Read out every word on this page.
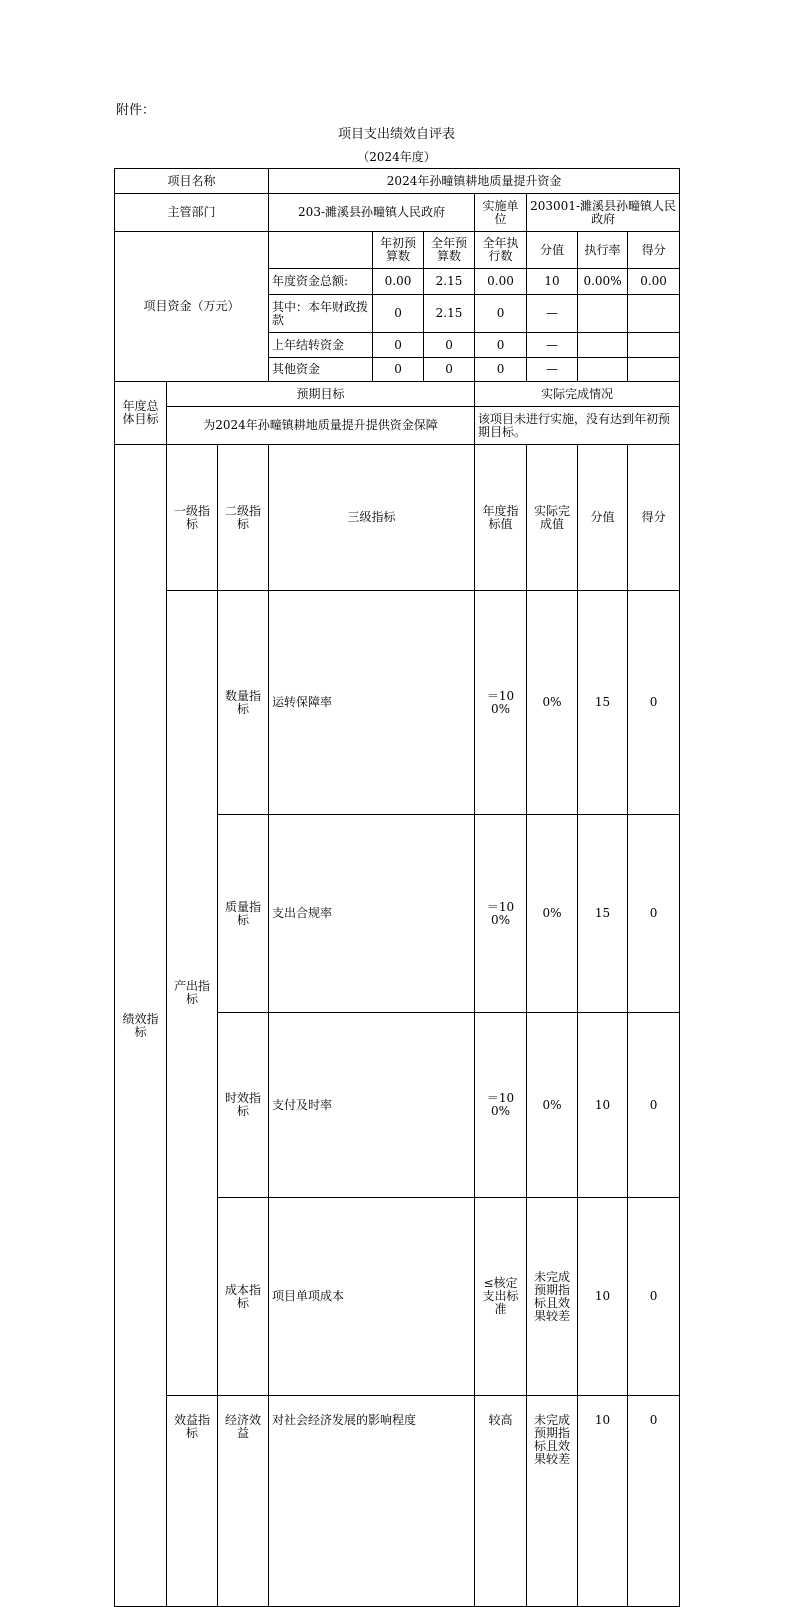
附件：
项目支出绩效自评表
（2024年度）
项目名称			2024年孙疃镇耕地质量提升资金							
主管部门			203-濉溪县孙疃镇人民政府			实施单位	203001-濉溪县孙疃镇人民政府			
项目资金（万元）				年初预算数	全年预算数	全年执行数	分值	执行率	得分	
			年度资金总额:	0.00	2.15	0.00	10	0.00%	0.00	
			其中：本年财政拨款	0	2.15	0	—			
			上年结转资金	0	0	0	—			
			其他资金	0	0	0	—			
年度总体目标	预期目标					实际完成情况				
	为2024年孙疃镇耕地质量提升提供资金保障					该项目未进行实施，没有达到年初预期目标。				
绩效指标	一级指标	二级指标	三级指标			年度指标值	实际完成值	分值	得分	
	产出指标	数量指标	运转保障率			＝100%	0%	15	0	
		质量指标	支出合规率			＝100%	0%	15	0	
		时效指标	支付及时率			＝100%	0%	10	0	
		成本指标	项目单项成本			≤核定支出标准	未完成预期指标且效果较差	10	0	
	效益指标	经济效益	对社会经济发展的影响程度			较高	未完成预期指标且效果较差	10	0	
